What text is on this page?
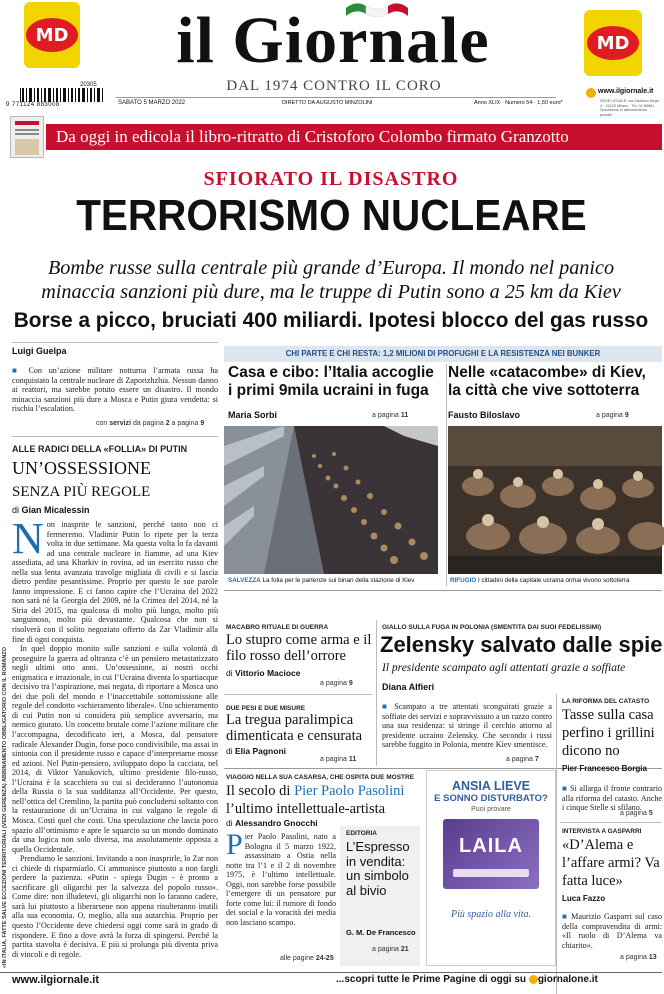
MD	MD
il Giornale
DAL 1974 CONTRO IL CORO
20305
9 771124 883008	SABATO 5 MARZO 2022	DIRETTO DA AUGUSTO MINZOLINI	Anno XLIX · Numero 54 · 1,50 euro*
www.ilgiornale.it
SEDE LEGALE: via Gaetano Negri 4 · 20123 Milano · Tel. 02 85661 · Spedizione in abbonamento postale
Da oggi in edicola il libro-ritratto di Cristoforo Colombo firmato Granzotto
SFIORATO IL DISASTRO
TERRORISMO NUCLEARE
Bombe russe sulla centrale più grande d’Europa. Il mondo nel panico
minaccia sanzioni più dure, ma le truppe di Putin sono a 25 km da Kiev
Borse a picco, bruciati 400 miliardi. Ipotesi blocco del gas russo
Luigi Guelpa
■ Con un’azione militare notturna l’armata russa ha conquistato la centrale nucleare di Zaporizhzhia. Nessun danno ai reattori, ma sarebbe potuto essere un disastro. Il mondo minaccia sanzioni più dure a Mosca e Putin giura vendetta: si rischia l’escalation.
con servizi da pagina 2 a pagina 9
ALLE RADICI DELLA «FOLLIA» DI PUTIN
UN’OSSESSIONE
SENZA PIÙ REGOLE
di Gian Micalessin
N on inasprite le sanzioni, perché tanto non ci fermeremo. Vladimir Putin lo ripete per la terza volta in due settimane. Ma questa volta lo fa davanti ad una centrale nucleare in fiamme, ad una Kiev assediata, ad una Kharkiv in rovina, ad un esercito russo che nella sua lenta avanzata travolge migliaia di civili e si lascia dietro perdite pesantissime. Proprio per questo le sue parole fanno impressione. E ci fanno capire che l’Ucraina del 2022 non sarà né la Georgia del 2009, né la Crimea del 2014, né la Siria del 2015, ma qualcosa di molto più lungo, molto più sanguinoso, molto più devastante. Qualcosa che non si risolverà con il solito negoziato offerto da Zar Vladimir alla fine di ogni conquista.

In quel doppio monito sulle sanzioni e sulla volontà di proseguire la guerra ad oltranza c’è un pensiero metastatizzato negli ultimi otto anni. Un’ossessione, ai nostri occhi enigmatica e irrazionale, in cui l’Ucraina diventa lo spartiacque decisivo tra l’aspirazione, mai negata, di riportare a Mosca uno dei due poli del mondo e l’inaccettabile sottomissione alle regole del condotto «schieramento liberale». Uno schieramento di cui Putin non si considera più semplice avversario, ma nemico giurato. Un concetto brutale come l’azione militare che l’accompagna, decodificato ieri, a Mosca, dal pensatore radicale Alexander Dugin, forse poco condivisibile, ma assai in sintonia con il presidente russo e capace d’interpretarne mosse ed azioni. Nel Putin-pensiero, sviluppato dopo la cacciata, nel 2014, di Viktor Yanukovich, ultimo presidente filo-russo, l’Ucraina è la scacchiera su cui si decideranno l’autonomia della Russia o la sua sudditanza all’Occidente. Per questo, nell’ottica del Cremlino, la partita può concludersi soltanto con la restaurazione di un’Ucraina in cui valgano le regole di Mosca. Costi quel che costi. Una speculazione che lascia poco spazio all’ottimismo e apre le squarcio su un mondo dominato da una logica non solo diversa, ma assolutamente opposta a quella Occidentale.

Prendiamo le sanzioni. Invitando a non inasprirle, lo Zar non ci chiede di risparmiarlo. Ci ammonisce piuttosto a non fargli perdere la pazienza. «Putin - spiega Dugin - è pronto a sacrificare gli oligarchi per la salvezza del popolo russo». Come dire: non illudetevi, gli oligarchi non lo faranno cadere, sarà lui piuttosto a liberarsene non appena risulteranno inutili alla sua economia. O, meglio, alla sua autarchia. Proprio per questo l’Occidente deve chiedersi oggi come sarà in grado di rispondere. E fino a dove avrà la forza di spingersi. Perché la partita stavolta è decisiva. E più si prolunga più diventa priva di vincoli e di regole.

«IN ITALIA, FATTE SALVE ECCEZIONI TERRITORIALI (VEDI GERENZA) ABBINAMENTO OBBLIGATORIO CON IL ROMANZO
CHI PARTE E CHI RESTA: 1,2 MILIONI DI PROFUGHI E LA RESISTENZA NEI BUNKER
Casa e cibo: l’Italia accoglie i primi 9mila ucraini in fuga
Maria Sorbi	a pagina 11
Nelle «catacombe» di Kiev, la città che vive sottoterra
Fausto Biloslavo	a pagina 9
SALVEZZA La folla per le partenze sui binari della stazione di Kiev	RIFUGIO I cittadini della capitale ucraina ormai vivono sottoterra
MACABRO RITUALE DI GUERRA
Lo stupro come arma e il filo rosso dell’orrore
di Vittorio Macioce
a pagina 9
DUE PESI E DUE MISURE
La tregua paralimpica dimenticata e censurata
di Elia Pagnoni
a pagina 11
GIALLO SULLA FUGA IN POLONIA (SMENTITA DAI SUOI FEDELISSIMI)
Zelensky salvato dalle spie
Il presidente scampato agli attentati grazie a soffiate
Diana Alfieri
■ Scampato a tre attentati sconguirati grazie a soffiate dei servizi e sopravvissuto a un razzo contro una sua residenza: si stringe il cerchio attorno al presidente ucraino Zelensky. Che secondo i russi sarebbe fuggito in Polonia, mentre Kiev smentisce.
a pagina 7
LA RIFORMA DEL CATASTO
Tasse sulla casa perfino i grillini dicono no
Pier Francesco Borgia
■ Si allarga il fronte contrario alla riforma del catasto. Anche i cinque Stelle si sfilano.
a pagina 5
INTERVISTA A GASPARRI
«D’Alema e l’affare armi? Va fatta luce»
Luca Fazzo
■ Maurizio Gasparri sul caso della compravendita di armi: «Il ruolo di D’Alema va chiarito».
a pagina 13
VIAGGIO NELLA SUA CASARSA, CHE OSPITA DUE MOSTRE
Il secolo di Pier Paolo Pasolini
l’ultimo intellettuale-artista
di Alessandro Gnocchi
Pier Paolo Pasolini, nato a Bologna il 5 marzo 1922, assassinato a Ostia nella notte tra l’1 e il 2 di novembre 1975, è l’ultimo intellettuale. Oggi, non sarebbe forse possibile l’emergere di un pensatore pur forte come lui: il rumore di fondo dei social e la voracità dei media non lasciano scampo.
alle pagine 24-25
EDITORIA
L’Espresso in vendita: un simbolo al bivio
G. M. De Francesco
a pagina 21
ANSIA LIEVE
E SONNO DISTURBATO?
Puoi provare
LAILA
Più spazio alla vita.
www.ilgiornale.it	...scopri tutte le Prime Pagine di oggi su giornalone.it
